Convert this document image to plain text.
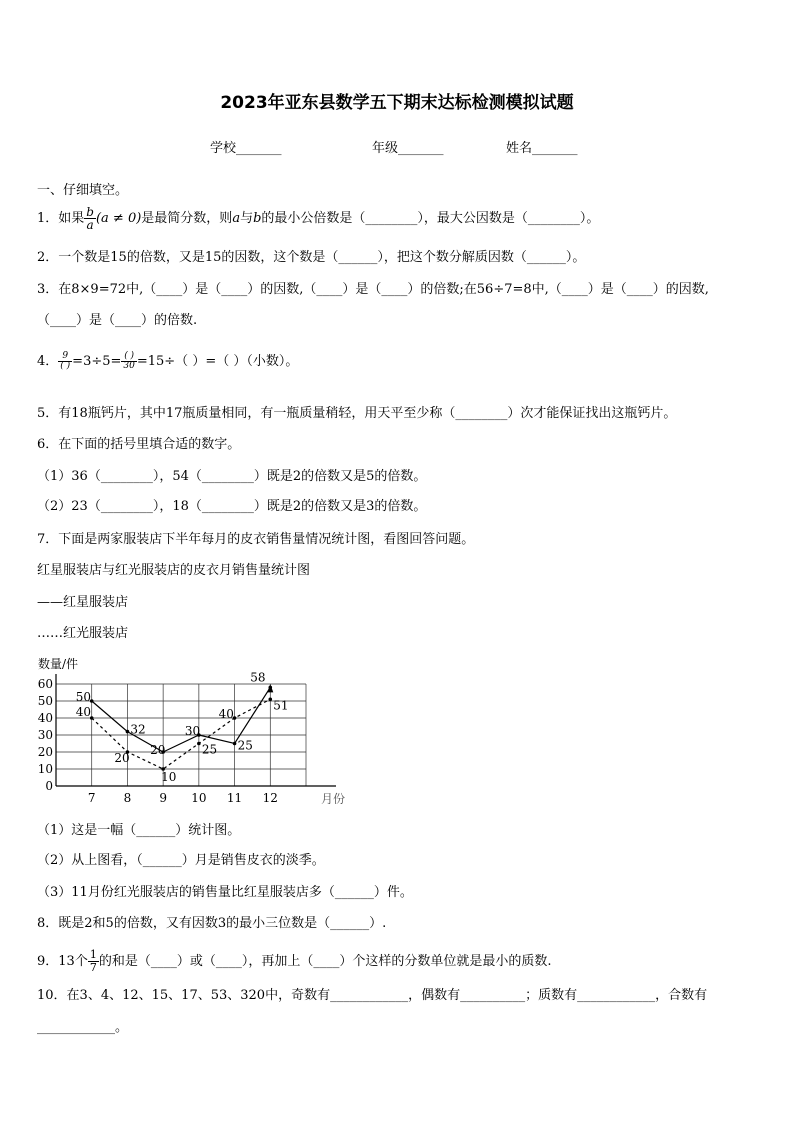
2023年亚东县数学五下期末达标检测模拟试题
学校_______	年级_______	姓名_______
一、仔细填空。
1．如果 $\frac{b}{a} (a \ne 0)$是最简分数，则a与b的最小公倍数是（________），最大公因数是（________）。
2．一个数是15的倍数，又是15的因数，这个数是（______），把这个数分解质因数（______）。
3．在8×9=72中,（____）是（____）的因数,（____）是（____）的倍数;在56÷7=8中,（____）是（____）的因数,
（____）是（____）的倍数.
4． $\frac{9}{( )} =3\div 5= \frac{( )}{30} =15\div$（ ）=（ ）（小数）。
5．有18瓶钙片，其中17瓶质量相同，有一瓶质量稍轻，用天平至少称（________）次才能保证找出这瓶钙片。
6．在下面的括号里填合适的数字。
（1）36（________），54（________）既是2的倍数又是5的倍数。
（2）23（________），18（________）既是2的倍数又是3的倍数。
7．下面是两家服装店下半年每月的皮衣销售量情况统计图，看图回答问题。
红星服装店与红光服装店的皮衣月销售量统计图
——红星服装店
……红光服装店
0
10
20
30
40
50
60
7 8 9 10 11 12
数量/件
月份
50
32
20
30
25
58
40
20
10
25
40
51
（1）这是一幅（______）统计图。
（2）从上图看，（______）月是销售皮衣的淡季。
（3）11月份红光服装店的销售量比红星服装店多（______）件。
8．既是2和5的倍数，又有因数3的最小三位数是（______）.
9．13个 $\frac{1}{7}$ 的和是（____）或（____），再加上（____）个这样的分数单位就是最小的质数.
10．在3、4、12、15、17、53、320中，奇数有____________，偶数有__________；质数有____________，合数有
____________。
